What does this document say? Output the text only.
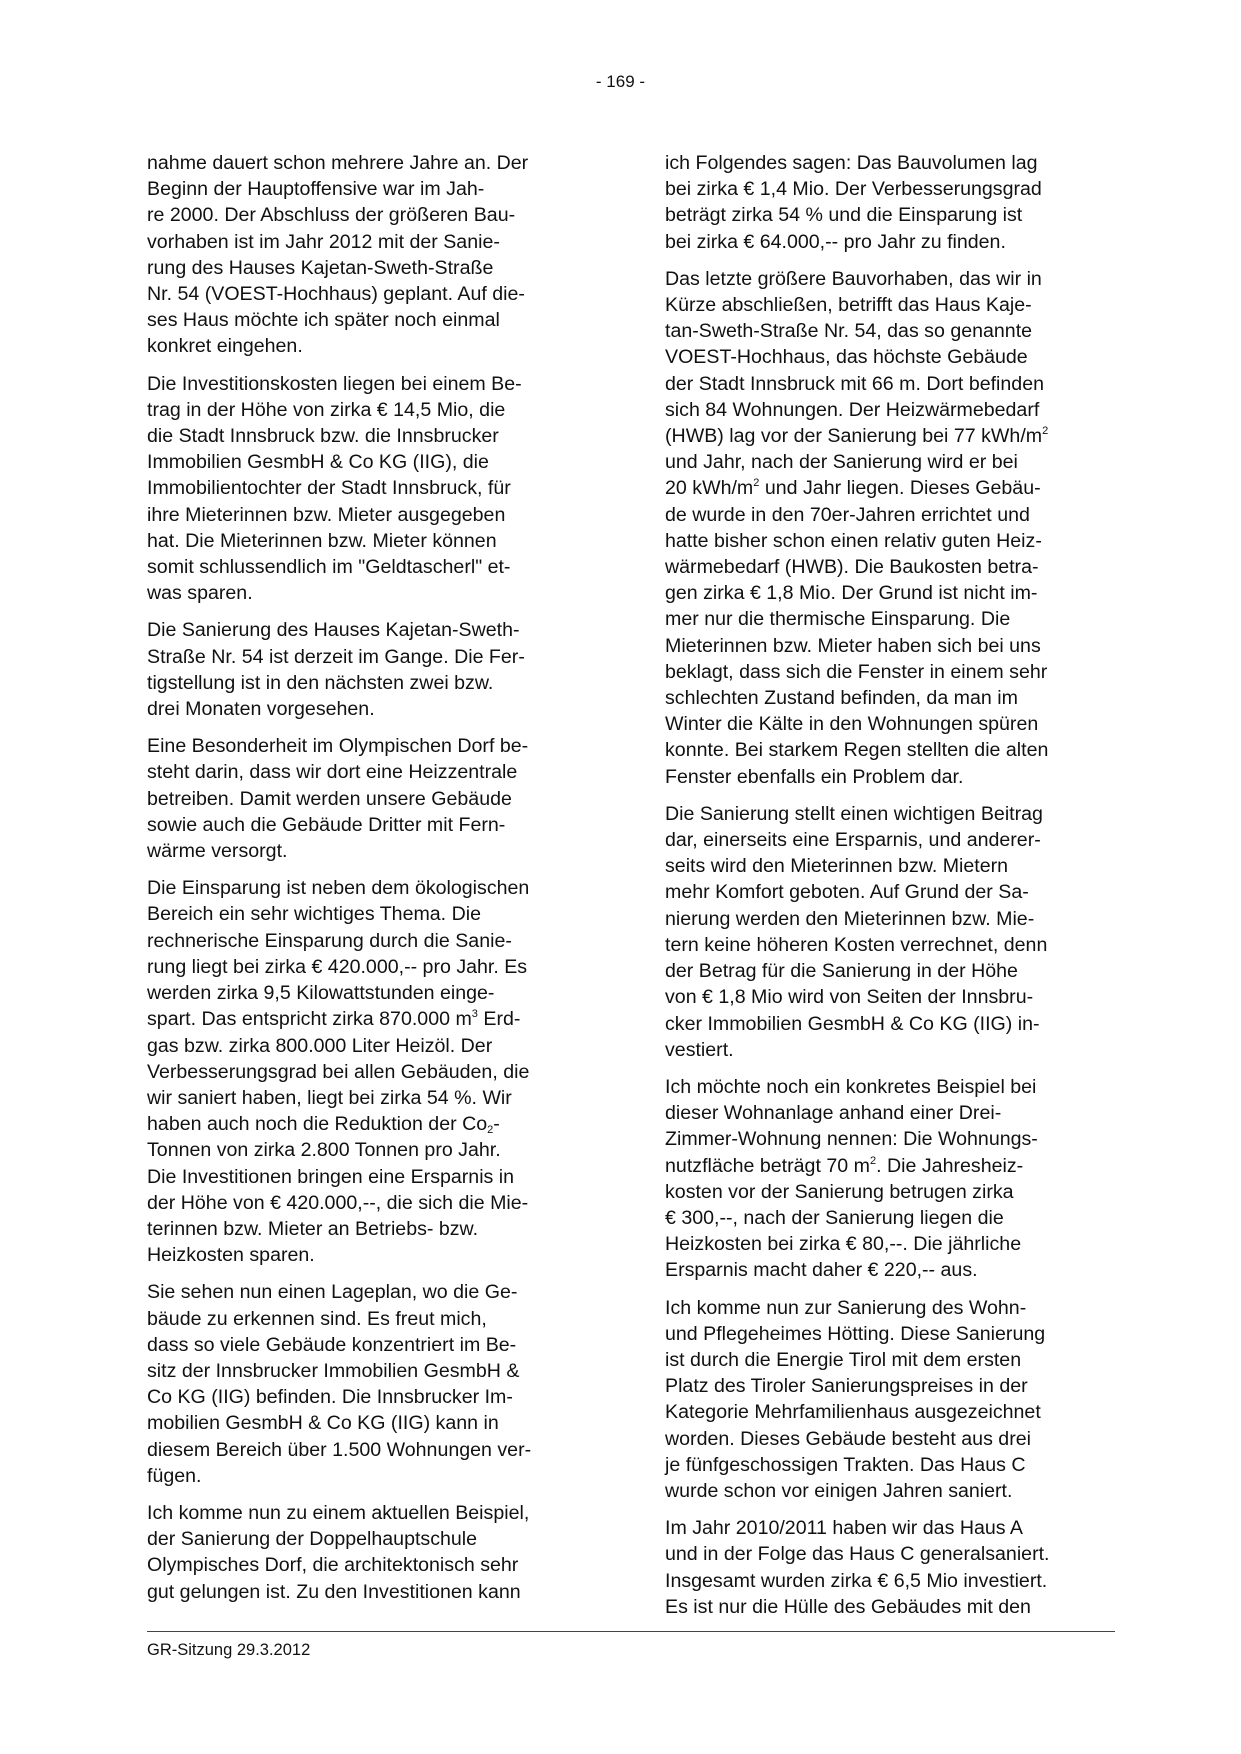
- 169 -

nahme dauert schon mehrere Jahre an. Der
Beginn der Hauptoffensive war im Jah-
re 2000. Der Abschluss der größeren Bau-
vorhaben ist im Jahr 2012 mit der Sanie-
rung des Hauses Kajetan-Sweth-Straße
Nr. 54 (VOEST-Hochhaus) geplant. Auf die-
ses Haus möchte ich später noch einmal
konkret eingehen.

Die Investitionskosten liegen bei einem Be-
trag in der Höhe von zirka € 14,5 Mio, die
die Stadt Innsbruck bzw. die Innsbrucker
Immobilien GesmbH & Co KG (IIG), die
Immobilientochter der Stadt Innsbruck, für
ihre Mieterinnen bzw. Mieter ausgegeben
hat. Die Mieterinnen bzw. Mieter können
somit schlussendlich im "Geldtascherl" et-
was sparen.

Die Sanierung des Hauses Kajetan-Sweth-
Straße Nr. 54 ist derzeit im Gange. Die Fer-
tigstellung ist in den nächsten zwei bzw.
drei Monaten vorgesehen.

Eine Besonderheit im Olympischen Dorf be-
steht darin, dass wir dort eine Heizzentrale
betreiben. Damit werden unsere Gebäude
sowie auch die Gebäude Dritter mit Fern-
wärme versorgt.

Die Einsparung ist neben dem ökologischen
Bereich ein sehr wichtiges Thema. Die
rechnerische Einsparung durch die Sanie-
rung liegt bei zirka € 420.000,-- pro Jahr. Es
werden zirka 9,5 Kilowattstunden einge-
spart. Das entspricht zirka 870.000 $m^3$ Erd-
gas bzw. zirka 800.000 Liter Heizöl. Der
Verbesserungsgrad bei allen Gebäuden, die
wir saniert haben, liegt bei zirka 54 %. Wir
haben auch noch die Reduktion der $Co_2-$
Tonnen von zirka 2.800 Tonnen pro Jahr.
Die Investitionen bringen eine Ersparnis in
der Höhe von € 420.000,--, die sich die Mie-
terinnen bzw. Mieter an Betriebs- bzw.
Heizkosten sparen.

Sie sehen nun einen Lageplan, wo die Ge-
bäude zu erkennen sind. Es freut mich,
dass so viele Gebäude konzentriert im Be-
sitz der Innsbrucker Immobilien GesmbH &
Co KG (IIG) befinden. Die Innsbrucker Im-
mobilien GesmbH & Co KG (IIG) kann in
diesem Bereich über 1.500 Wohnungen ver-
fügen.

Ich komme nun zu einem aktuellen Beispiel,
der Sanierung der Doppelhauptschule
Olympisches Dorf, die architektonisch sehr
gut gelungen ist. Zu den Investitionen kann

ich Folgendes sagen: Das Bauvolumen lag
bei zirka € 1,4 Mio. Der Verbesserungsgrad
beträgt zirka 54 % und die Einsparung ist
bei zirka € 64.000,-- pro Jahr zu finden.

Das letzte größere Bauvorhaben, das wir in
Kürze abschließen, betrifft das Haus Kaje-
tan-Sweth-Straße Nr. 54, das so genannte
VOEST-Hochhaus, das höchste Gebäude
der Stadt Innsbruck mit 66 m. Dort befinden
sich 84 Wohnungen. Der Heizwärmebedarf
(HWB) lag vor der Sanierung bei 77 kWh/$m^2$
und Jahr, nach der Sanierung wird er bei
20 kWh/$m^2$ und Jahr liegen. Dieses Gebäu-
de wurde in den 70er-Jahren errichtet und
hatte bisher schon einen relativ guten Heiz-
wärmebedarf (HWB). Die Baukosten betra-
gen zirka € 1,8 Mio. Der Grund ist nicht im-
mer nur die thermische Einsparung. Die
Mieterinnen bzw. Mieter haben sich bei uns
beklagt, dass sich die Fenster in einem sehr
schlechten Zustand befinden, da man im
Winter die Kälte in den Wohnungen spüren
konnte. Bei starkem Regen stellten die alten
Fenster ebenfalls ein Problem dar.

Die Sanierung stellt einen wichtigen Beitrag
dar, einerseits eine Ersparnis, und anderer-
seits wird den Mieterinnen bzw. Mietern
mehr Komfort geboten. Auf Grund der Sa-
nierung werden den Mieterinnen bzw. Mie-
tern keine höheren Kosten verrechnet, denn
der Betrag für die Sanierung in der Höhe
von € 1,8 Mio wird von Seiten der Innsbru-
cker Immobilien GesmbH & Co KG (IIG) in-
vestiert.

Ich möchte noch ein konkretes Beispiel bei
dieser Wohnanlage anhand einer Drei-
Zimmer-Wohnung nennen: Die Wohnungs-
nutzfläche beträgt 70 $m^2$. Die Jahresheiz-
kosten vor der Sanierung betrugen zirka
€ 300,--, nach der Sanierung liegen die
Heizkosten bei zirka € 80,--. Die jährliche
Ersparnis macht daher € 220,-- aus.

Ich komme nun zur Sanierung des Wohn-
und Pflegeheimes Hötting. Diese Sanierung
ist durch die Energie Tirol mit dem ersten
Platz des Tiroler Sanierungspreises in der
Kategorie Mehrfamilienhaus ausgezeichnet
worden. Dieses Gebäude besteht aus drei
je fünfgeschossigen Trakten. Das Haus C
wurde schon vor einigen Jahren saniert.

Im Jahr 2010/2011 haben wir das Haus A
und in der Folge das Haus C generalsaniert.
Insgesamt wurden zirka € 6,5 Mio investiert.
Es ist nur die Hülle des Gebäudes mit den

GR-Sitzung 29.3.2012
